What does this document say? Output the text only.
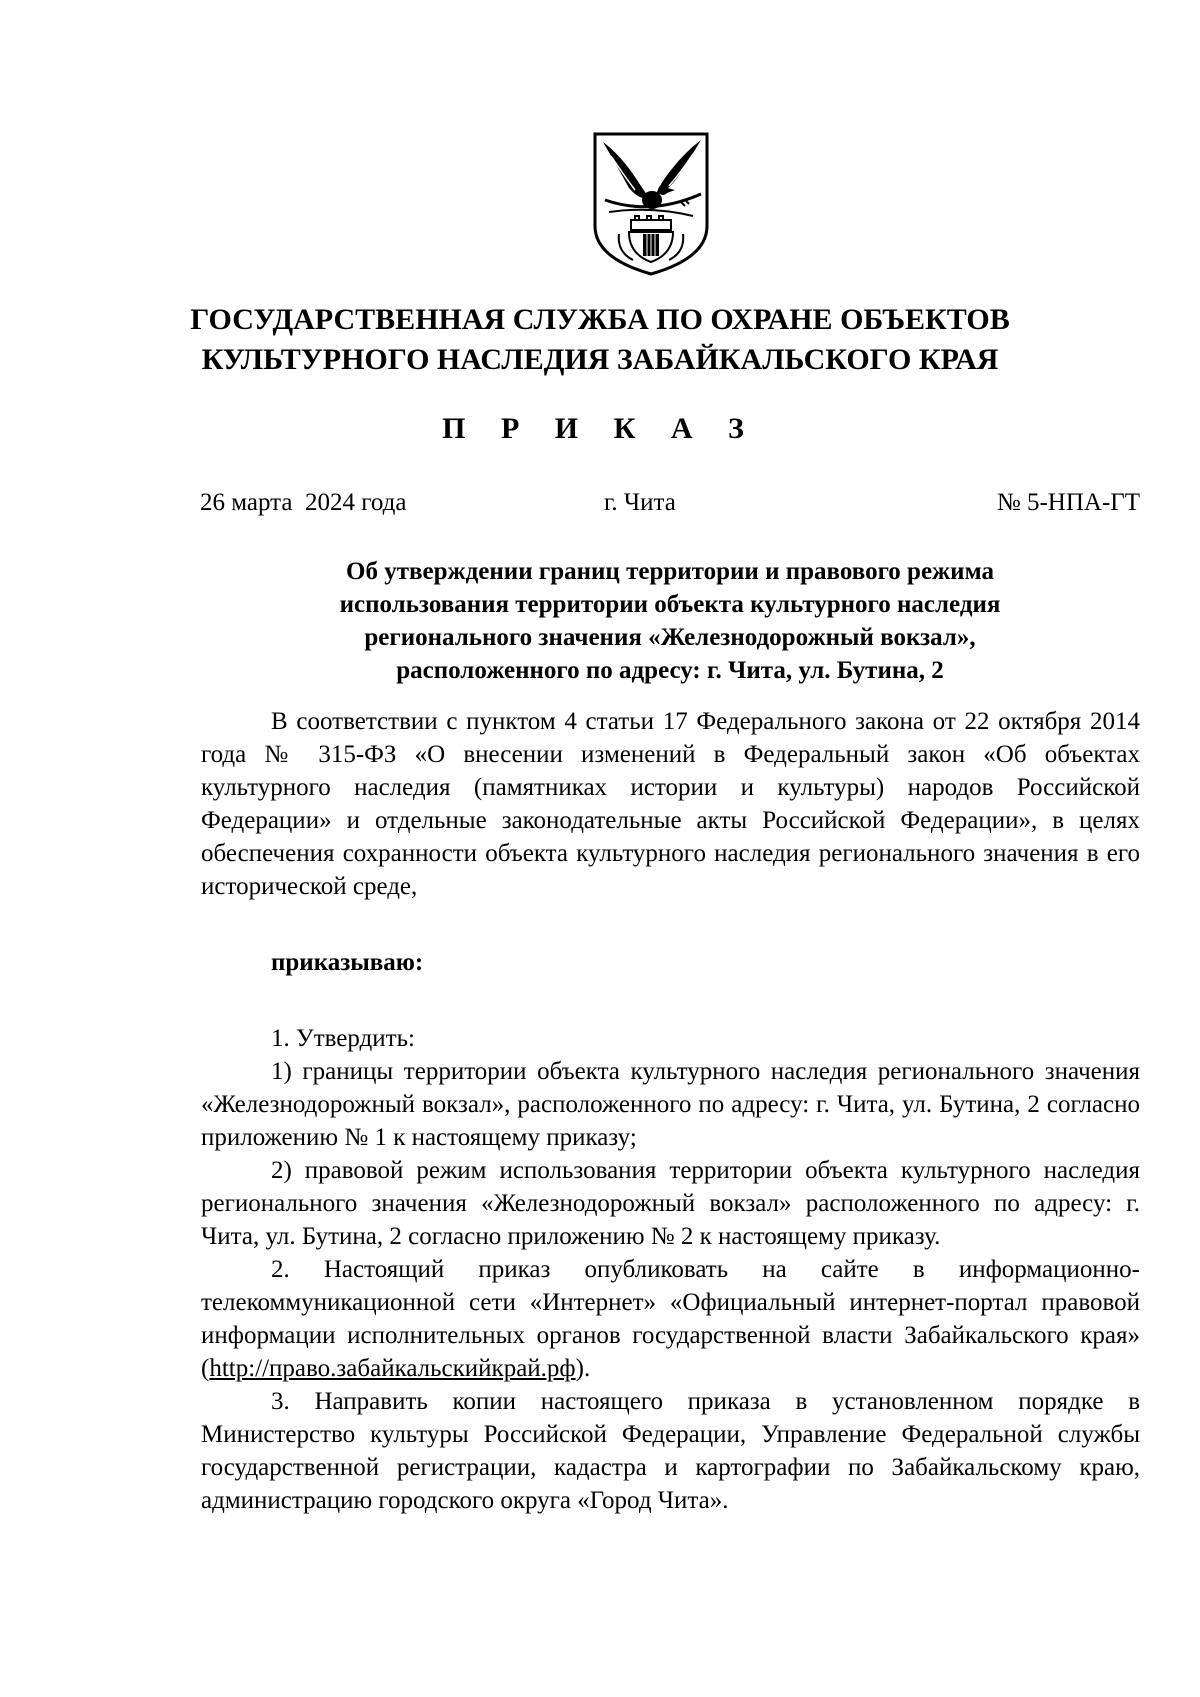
ГОСУДАРСТВЕННАЯ СЛУЖБА ПО ОХРАНЕ ОБЪЕКТОВ
КУЛЬТУРНОГО НАСЛЕДИЯ ЗАБАЙКАЛЬСКОГО КРАЯ
П Р И К А З
26 марта  2024 года	г. Чита	№ 5-НПА-ГТ
Об утверждении границ территории и правового режима
использования территории объекта культурного наследия
регионального значения «Железнодорожный вокзал»,
расположенного по адресу: г. Чита, ул. Бутина, 2

В соответствии с пунктом 4 статьи 17 Федерального закона от 22 октября 2014 года № 315-ФЗ «О внесении изменений в Федеральный закон «Об объектах культурного наследия (памятниках истории и культуры) народов Российской Федерации» и отдельные законодательные акты Российской Федерации», в целях обеспечения сохранности объекта культурного наследия регионального значения в его исторической среде,

приказываю:

1. Утвердить:

1) границы территории объекта культурного наследия регионального значения «Железнодорожный вокзал», расположенного по адресу: г. Чита, ул. Бутина, 2 согласно приложению № 1 к настоящему приказу;

2) правовой режим использования территории объекта культурного наследия регионального значения «Железнодорожный вокзал» расположенного по адресу: г. Чита, ул. Бутина, 2 согласно приложению № 2 к настоящему приказу.

2. Настоящий приказ опубликовать на сайте в информационно-телекоммуникационной сети «Интернет» «Официальный интернет-портал правовой информации исполнительных органов государственной власти Забайкальского края» (http://право.забайкальскийкрай.рф).

3. Направить копии настоящего приказа в установленном порядке в Министерство культуры Российской Федерации, Управление Федеральной службы государственной регистрации, кадастра и картографии по Забайкальскому краю, администрацию городского округа «Город Чита».
